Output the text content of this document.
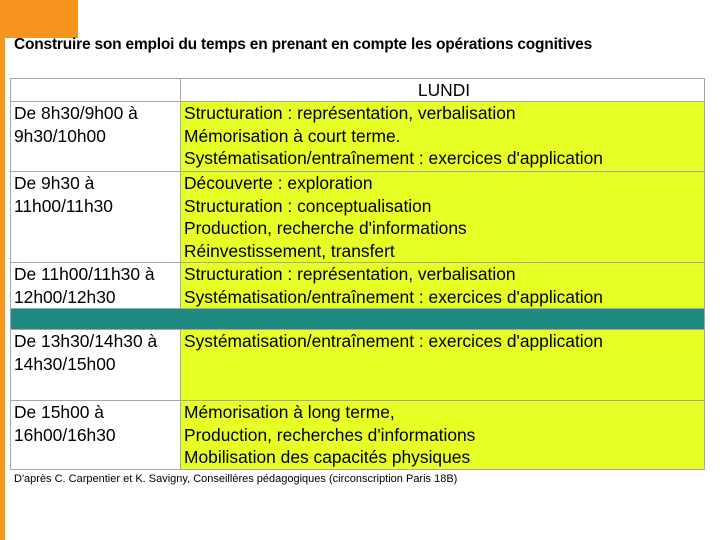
Construire son emploi du temps en prenant en compte les opérations cognitives
	LUNDI

De 8h30/9h00 à
9h30/10h00	Structuration : représentation, verbalisation
Mémorisation à court terme.
Systématisation/entraînement : exercices d'application

De 9h30 à
11h00/11h30	Découverte : exploration
Structuration : conceptualisation
Production, recherche d'informations
Réinvestissement, transfert

De 11h00/11h30 à
12h00/12h30	Structuration : représentation, verbalisation
Systématisation/entraînement : exercices d'application

De 13h30/14h30 à
14h30/15h00	Systématisation/entraînement : exercices d'application

De 15h00 à
16h00/16h30	Mémorisation à long terme,
Production, recherches d'informations
Mobilisation des capacités physiques
D'après C. Carpentier et K. Savigny, Conseillères pédagogiques (circonscription Paris 18B)
